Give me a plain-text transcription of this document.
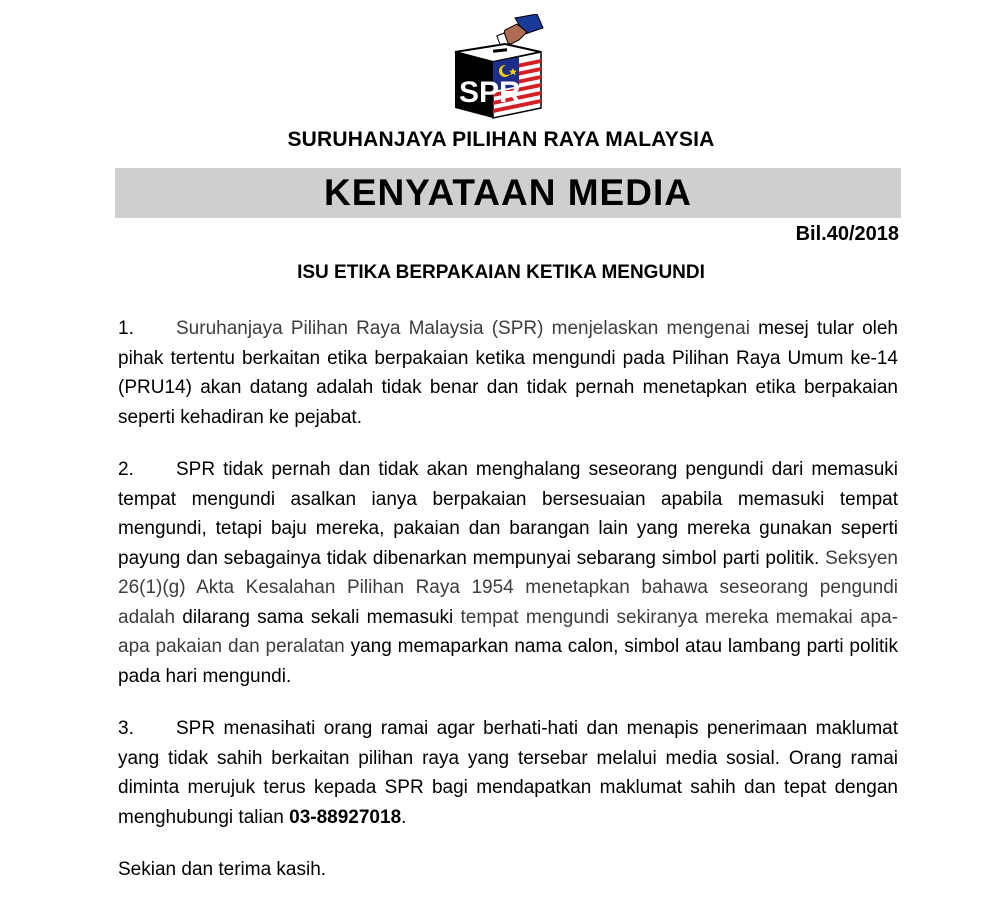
SPR
SURUHANJAYA PILIHAN RAYA MALAYSIA
KENYATAAN MEDIA
Bil.40/2018
ISU ETIKA BERPAKAIAN KETIKA MENGUNDI

1. Suruhanjaya Pilihan Raya Malaysia (SPR) menjelaskan mengenai mesej tular oleh pihak tertentu berkaitan etika berpakaian ketika mengundi pada Pilihan Raya Umum ke-14 (PRU14) akan datang adalah tidak benar dan tidak pernah menetapkan etika berpakaian seperti kehadiran ke pejabat.

2. SPR tidak pernah dan tidak akan menghalang seseorang pengundi dari memasuki tempat mengundi asalkan ianya berpakaian bersesuaian apabila memasuki tempat mengundi, tetapi baju mereka, pakaian dan barangan lain yang mereka gunakan seperti payung dan sebagainya tidak dibenarkan mempunyai sebarang simbol parti politik. Seksyen 26(1)(g) Akta Kesalahan Pilihan Raya 1954 menetapkan bahawa seseorang pengundi adalah dilarang sama sekali memasuki tempat mengundi sekiranya mereka memakai apa-apa pakaian dan peralatan yang memaparkan nama calon, simbol atau lambang parti politik pada hari mengundi.

3. SPR menasihati orang ramai agar berhati-hati dan menapis penerimaan maklumat yang tidak sahih berkaitan pilihan raya yang tersebar melalui media sosial. Orang ramai diminta merujuk terus kepada SPR bagi mendapatkan maklumat sahih dan tepat dengan menghubungi talian 03-88927018.

Sekian dan terima kasih.
